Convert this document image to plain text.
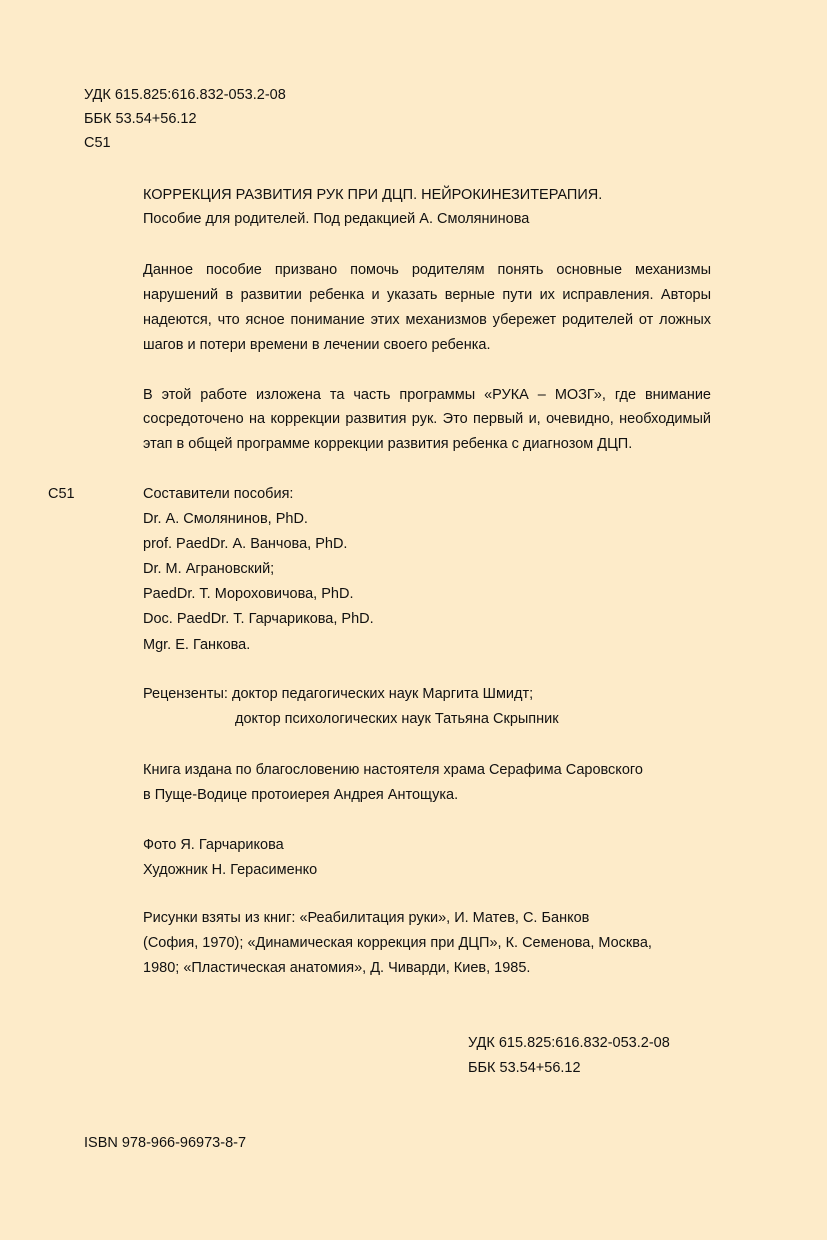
УДК 615.825:616.832-053.2-08
ББК 53.54+56.12
С51
КОРРЕКЦИЯ РАЗВИТИЯ РУК ПРИ ДЦП. НЕЙРОКИНЕЗИТЕРАПИЯ.
Пособие для родителей. Под редакцией А. Смолянинова
Данное пособие призвано помочь родителям понять основные механизмы
нарушений в развитии ребенка и указать верные пути их исправления. Авторы
надеются, что ясное понимание этих механизмов убережет родителей от ложных
шагов и потери времени в лечении своего ребенка.
В этой работе изложена та часть программы «РУКА – МОЗГ», где внимание
сосредоточено на коррекции развития рук. Это первый и, очевидно, необходимый
этап в общей программе коррекции развития ребенка с диагнозом ДЦП.
С51	Составители пособия:
Dr. А. Смолянинов, PhD.
prof. PaedDr. А. Ванчова, PhD.
Dr. М. Аграновский;
PaedDr. Т. Мороховичова, PhD.
Doc. PaedDr. Т. Гарчарикова, PhD.
Mgr. Е. Ганкова.
Рецензенты: доктор педагогических наук Маргита Шмидт;
доктор психологических наук Татьяна Скрыпник
Книга издана по благословению настоятеля храма Серафима Саровского
в Пуще-Водице протоиерея Андрея Антощука.
Фото Я. Гарчарикова
Художник Н. Герасименко
Рисунки взяты из книг: «Реабилитация руки», И. Матев, С. Банков
(София, 1970); «Динамическая коррекция при ДЦП», К. Семенова, Москва,
1980; «Пластическая анатомия», Д. Чиварди, Киев, 1985.
УДК 615.825:616.832-053.2-08
ББК 53.54+56.12
ISBN 978-966-96973-8-7
